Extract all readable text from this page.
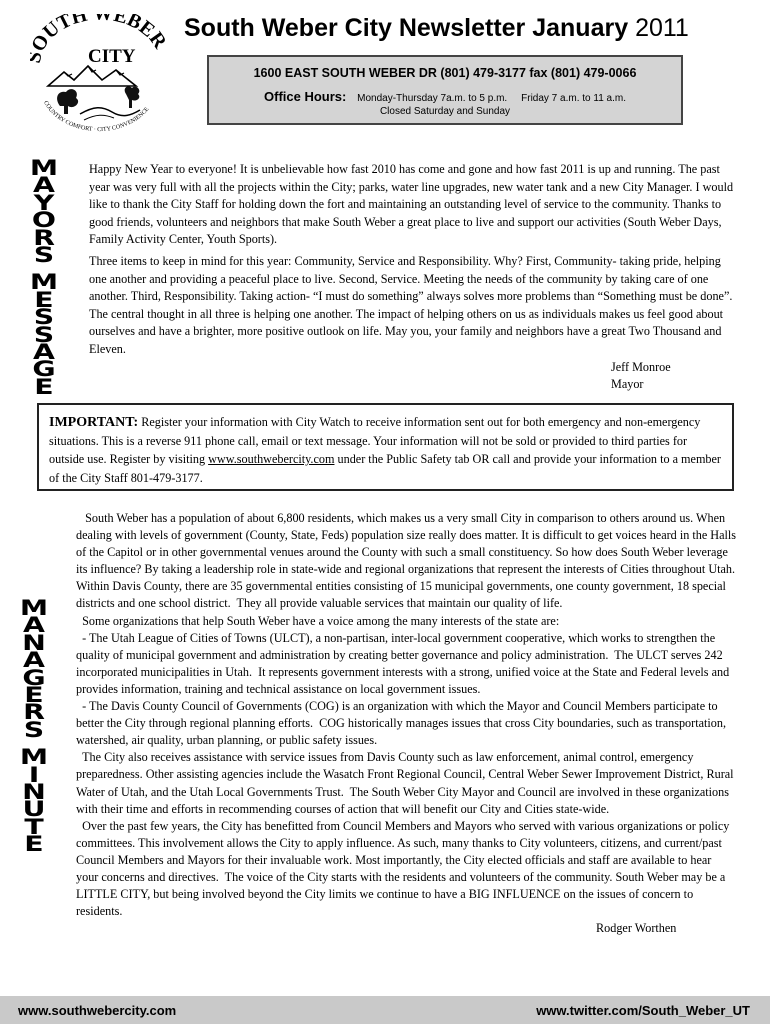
UTH EBER
CITY
COUNTRY COMFORT · CITY CONVENIENCE
South Weber City Newsletter January 2011
1600 EAST SOUTH WEBER DR (801) 479-3177 fax (801) 479-0066
Office Hours: Monday-Thursday 7a.m. to 5 p.m. Friday 7 a.m. to 11 a.m.
Closed Saturday and Sunday
M
A
Y
O
R
S

M
E
S
S
A
G
E

Happy New Year to everyone! It is unbelievable how fast 2010 has come and gone and how fast 2011 is up and running. The past year was very full with all the projects within the City; parks, water line upgrades, new water tank and a new City Manager. I would like to thank the City Staff for holding down the fort and maintaining an outstanding level of service to the community. Thanks to good friends, volunteers and neighbors that make South Weber a great place to live and support our activities (South Weber Days, Family Activity Center, Youth Sports).

Three items to keep in mind for this year: Community, Service and Responsibility. Why? First, Community- taking pride, helping one another and providing a peaceful place to live. Second, Service. Meeting the needs of the community by taking care of one another. Third, Responsibility. Taking action- “I must do something” always solves more problems than “Something must be done”. The central thought in all three is helping one another. The impact of helping others on us as individuals makes us feel good about ourselves and have a brighter, more positive outlook on life. May you, your family and neighbors have a great Two Thousand and Eleven.

Jeff Monroe
Mayor
IMPORTANT: Register your information with City Watch to receive information sent out for both emergency and non-emergency situations. This is a reverse 911 phone call, email or text message. Your information will not be sold or provided to third parties for outside use. Register by visiting www.southwebercity.com under the Public Safety tab OR call and provide your information to a member of the City Staff 801-479-3177.
M
A
N
A
G
E
R
S

M
I
N
U
T
E

South Weber has a population of about 6,800 residents, which makes us a very small City in comparison to others around us. When dealing with levels of government (County, State, Feds) population size really does matter. It is difficult to get voices heard in the Halls of the Capitol or in other governmental venues around the County with such a small constituency. So how does South Weber leverage its influence? By taking a leadership role in state-wide and regional organizations that represent the interests of Cities throughout Utah. Within Davis County, there are 35 governmental entities consisting of 15 municipal governments, one county government, 18 special districts and one school district.  They all provide valuable services that maintain our quality of life.

Some organizations that help South Weber have a voice among the many interests of the state are:

- The Utah League of Cities of Towns (ULCT), a non-partisan, inter-local government cooperative, which works to strengthen the quality of municipal government and administration by creating better governance and policy administration.  The ULCT serves 242 incorporated municipalities in Utah.  It represents government interests with a strong, unified voice at the State and Federal levels and provides information, training and technical assistance on local government issues.

- The Davis County Council of Governments (COG) is an organization with which the Mayor and Council Members participate to better the City through regional planning efforts.  COG historically manages issues that cross City boundaries, such as transportation, watershed, air quality, urban planning, or public safety issues.

The City also receives assistance with service issues from Davis County such as law enforcement, animal control, emergency preparedness. Other assisting agencies include the Wasatch Front Regional Council, Central Weber Sewer Improvement District, Rural Water of Utah, and the Utah Local Governments Trust.  The South Weber City Mayor and Council are involved in these organizations with their time and efforts in recommending courses of action that will benefit our City and Cities state-wide.

Over the past few years, the City has benefitted from Council Members and Mayors who served with various organizations or policy committees. This involvement allows the City to apply influence. As such, many thanks to City volunteers, citizens, and current/past Council Members and Mayors for their invaluable work. Most importantly, the City elected officials and staff are available to hear your concerns and directives.  The voice of the City starts with the residents and volunteers of the community. South Weber may be a LITTLE CITY, but being involved beyond the City limits we continue to have a BIG INFLUENCE on the issues of concern to residents.

Rodger Worthen
www.southwebercity.com	www.twitter.com/South_Weber_UT
